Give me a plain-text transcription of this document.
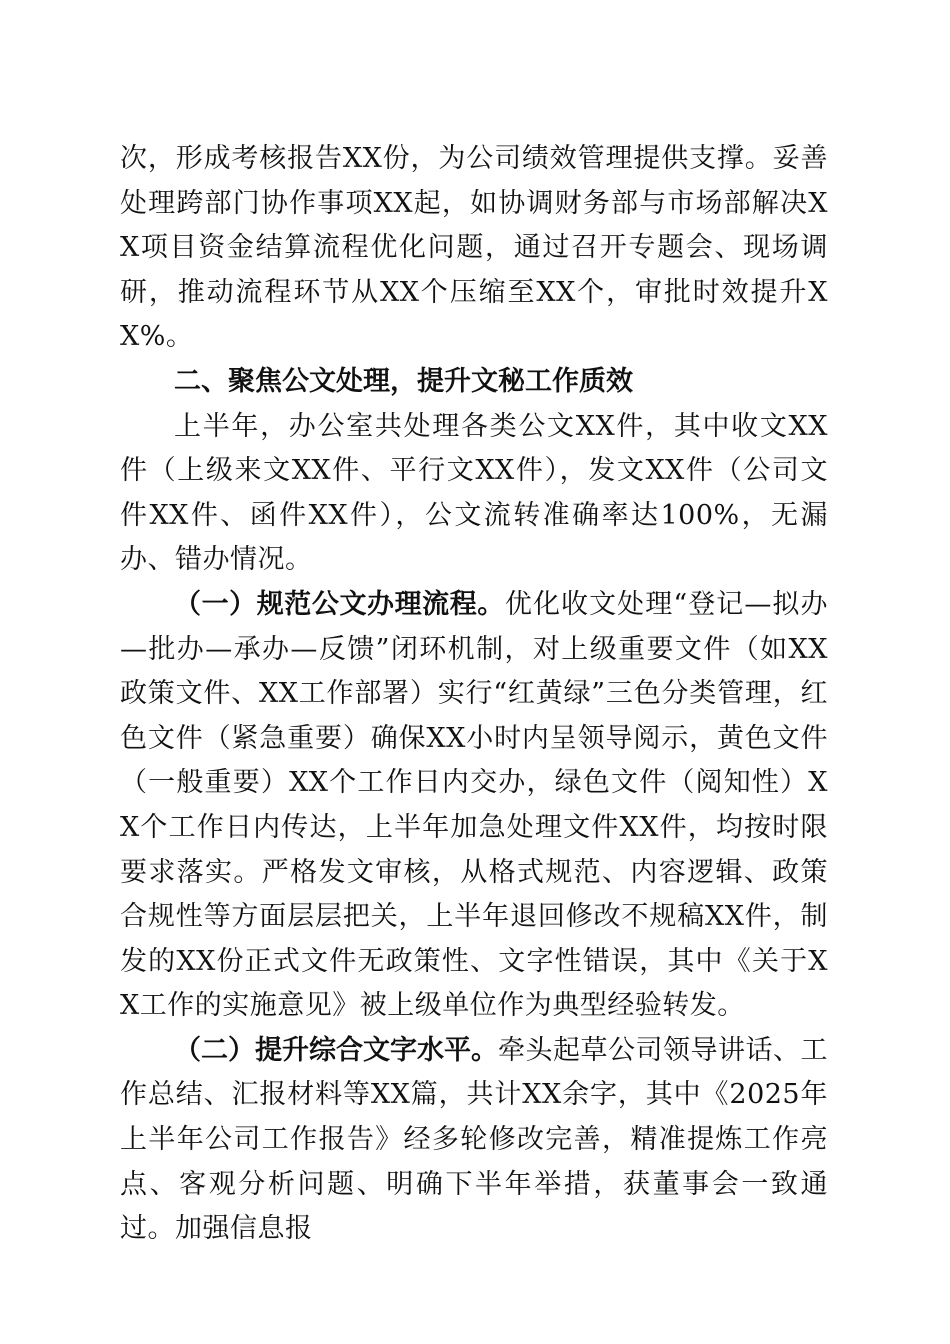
次，形成考核报告XX份，为公司绩效管理提供支撑。妥善处理跨部门协作事项XX起，如协调财务部与市场部解决XX项目资金结算流程优化问题，通过召开专题会、现场调研，推动流程环节从XX个压缩至XX个，审批时效提升XX%。

二、聚焦公文处理，提升文秘工作质效

上半年，办公室共处理各类公文XX件，其中收文XX件（上级来文XX件、平行文XX件），发文XX件（公司文件XX件、函件XX件），公文流转准确率达100%，无漏办、错办情况。

（一）规范公文办理流程。优化收文处理“登记—拟办—批办—承办—反馈”闭环机制，对上级重要文件（如XX政策文件、XX工作部署）实行“红黄绿”三色分类管理，红色文件（紧急重要）确保XX小时内呈领导阅示，黄色文件（一般重要）XX个工作日内交办，绿色文件（阅知性）XX个工作日内传达，上半年加急处理文件XX件，均按时限要求落实。严格发文审核，从格式规范、内容逻辑、政策合规性等方面层层把关，上半年退回修改不规稿XX件，制发的XX份正式文件无政策性、文字性错误，其中《关于XX工作的实施意见》被上级单位作为典型经验转发。

（二）提升综合文字水平。牵头起草公司领导讲话、工作总结、汇报材料等XX篇，共计XX余字，其中《2025年上半年公司工作报告》经多轮修改完善，精准提炼工作亮点、客观分析问题、明确下半年举措，获董事会一致通过。加强信息报
